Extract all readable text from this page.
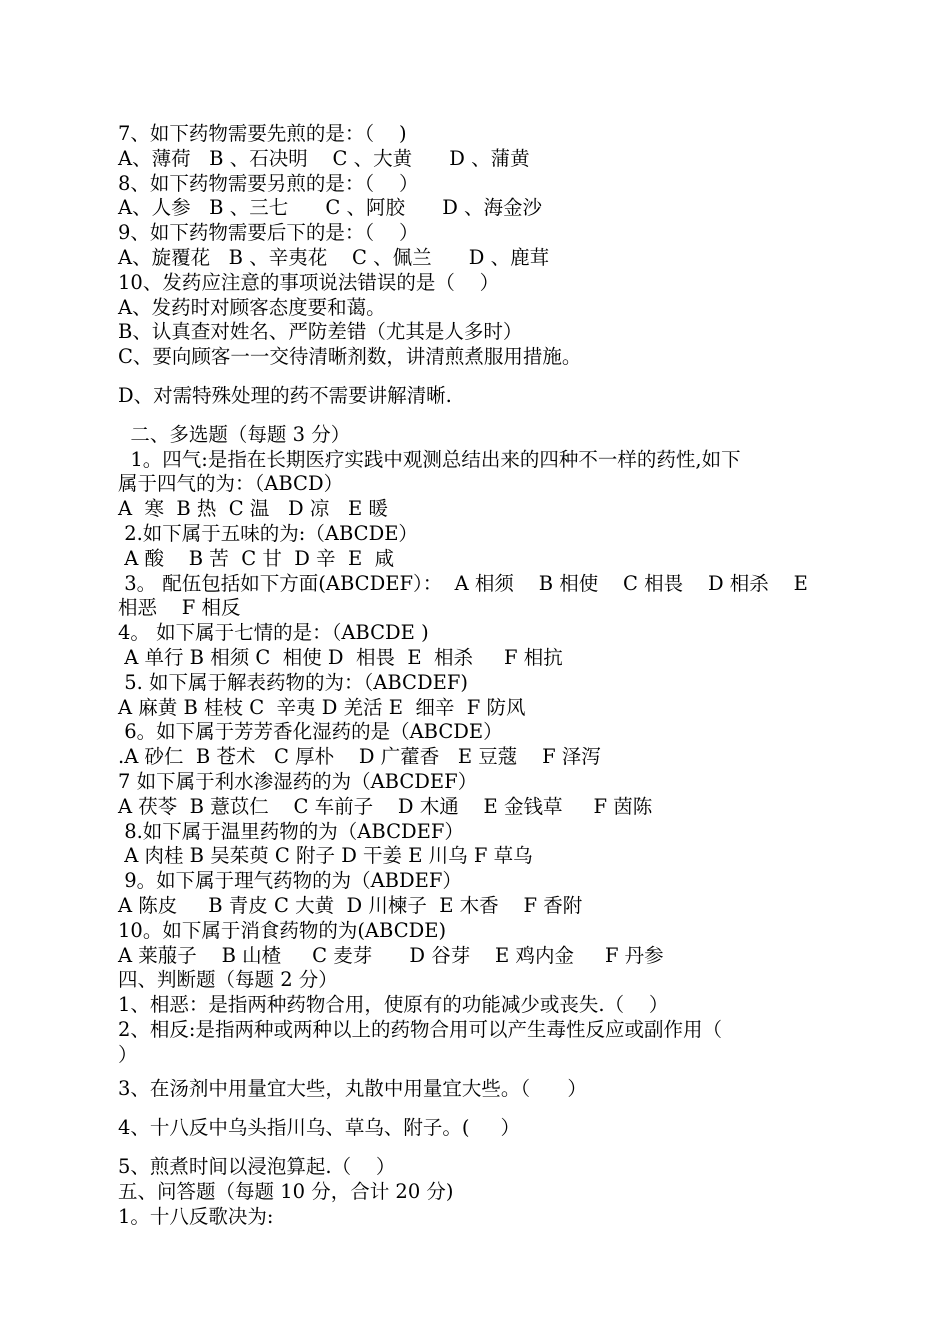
7、如下药物需要先煎的是：（    )
A、薄荷   B 、石决明    C 、大黄      D 、蒲黄
8、如下药物需要另煎的是：（    ）
A、人参   B 、三七      C 、阿胶      D 、海金沙
9、如下药物需要后下的是：（    ）
A、旋覆花   B 、辛夷花    C 、佩兰      D 、鹿茸
10、发药应注意的事项说法错误的是（    ）
A、发药时对顾客态度要和蔼。
B、认真查对姓名、严防差错（尤其是人多时）
C、要向顾客一一交待清晰剂数，讲清煎煮服用措施。
D、对需特殊处理的药不需要讲解清晰.
二、多选题（每题 3 分）
1。四气:是指在长期医疗实践中观测总结出来的四种不一样的药性,如下
属于四气的为：（ABCD）
A  寒  B 热  C 温   D 凉   E 暖
2.如下属于五味的为:（ABCDE）
A 酸    B 苦  C 甘  D 辛  E  咸
3。 配伍包括如下方面(ABCDEF）：  A 相须    B 相使    C 相畏    D 相杀    E
相恶    F 相反
4。 如下属于七情的是：（ABCDE )
A 单行 B 相须 C  相使 D  相畏  E  相杀     F 相抗
5. 如下属于解表药物的为：（ABCDEF)
A 麻黄 B 桂枝 C  辛夷 D 羌活 E  细辛  F 防风
6。如下属于芳芳香化湿药的是（ABCDE）
.A 砂仁  B 苍术   C 厚朴    D 广藿香   E 豆蔻    F 泽泻
7 如下属于利水渗湿药的为（ABCDEF）
A 茯苓  B 薏苡仁    C 车前子    D 木通    E 金钱草     F 茵陈
8.如下属于温里药物的为（ABCDEF）
A 肉桂 B 吴茱萸 C 附子 D 干姜 E 川乌 F 草乌
9。如下属于理气药物的为（ABDEF）
A 陈皮     B 青皮 C 大黄  D 川楝子  E 木香    F 香附
10。如下属于消食药物的为(ABCDE)
A 莱菔子    B 山楂     C 麦芽      D 谷芽    E 鸡内金     F 丹参
四、判断题（每题 2 分）
1、相恶：是指两种药物合用，使原有的功能减少或丧失.（    ）
2、相反:是指两种或两种以上的药物合用可以产生毒性反应或副作用（
）
3、在汤剂中用量宜大些，丸散中用量宜大些。（      ）
4、十八反中乌头指川乌、草乌、附子。(     ）
5、煎煮时间以浸泡算起.（    ）
五、问答题（每题 10 分，合计 20 分)
1。十八反歌决为:
